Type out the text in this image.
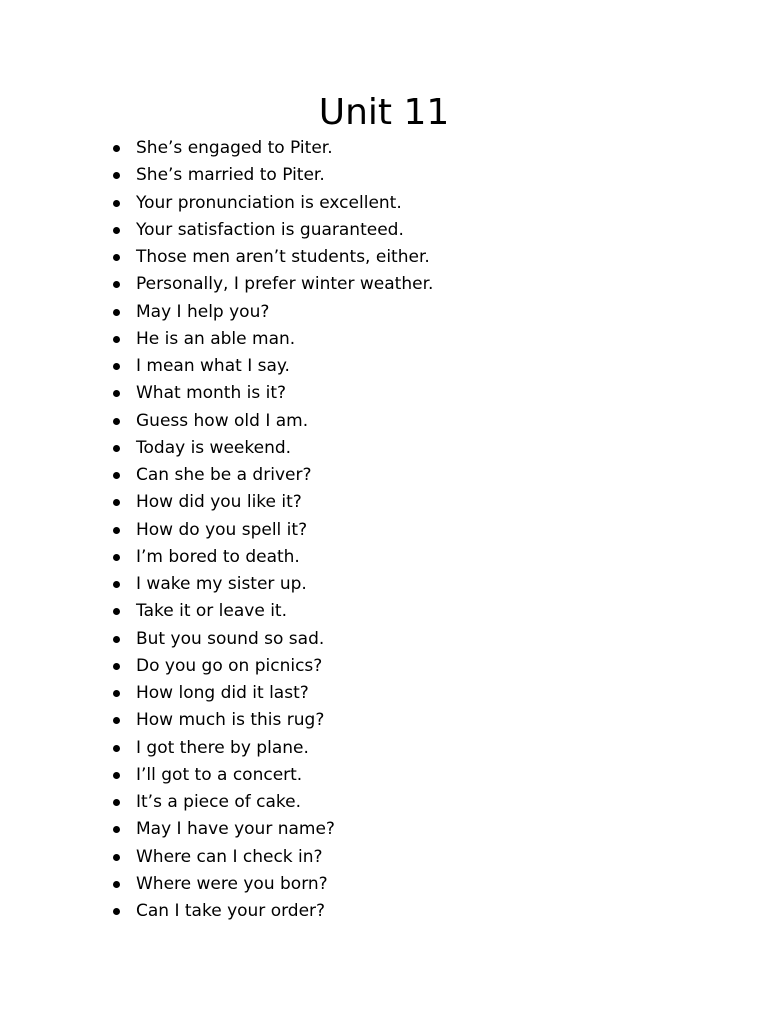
Unit 11
She’s engaged to Piter.
She’s married to Piter.
Your pronunciation is excellent.
Your satisfaction is guaranteed.
Those men aren’t students, either.
Personally, I prefer winter weather.
May I help you?
He is an able man.
I mean what I say.
What month is it?
Guess how old I am.
Today is weekend.
Can she be a driver?
How did you like it?
How do you spell it?
I’m bored to death.
I wake my sister up.
Take it or leave it.
But you sound so sad.
Do you go on picnics?
How long did it last?
How much is this rug?
I got there by plane.
I’ll got to a concert.
It’s a piece of cake.
May I have your name?
Where can I check in?
Where were you born?
Can I take your order?
